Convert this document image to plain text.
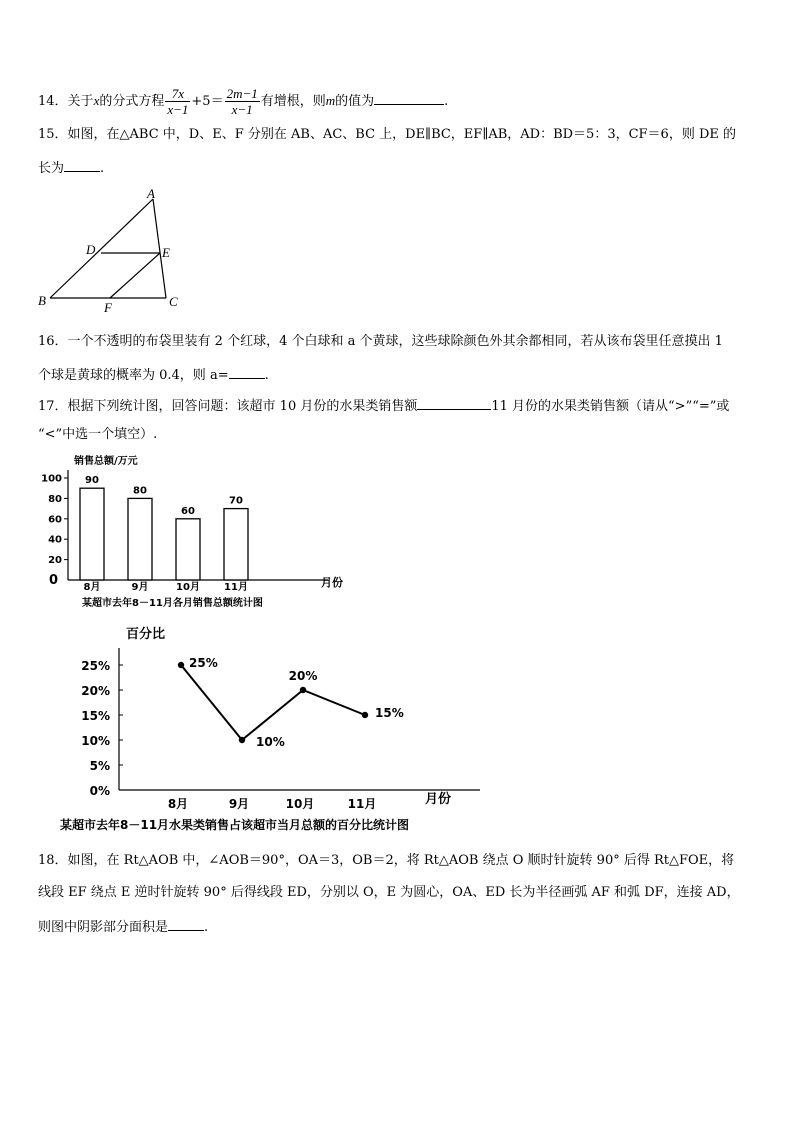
14．关于x的分式方程 $\frac{7x}{x-1} +5= \frac{2m-1}{x-1}$ 有增根，则m的值为	.
15．如图，在△ABC 中，D、E、F 分别在 AB、AC、BC 上，DE∥BC，EF∥AB，AD：BD＝5：3，CF＝6，则 DE 的
长为	.
A
B	C
D	E
F
16．一个不透明的布袋里装有 2 个红球，4 个白球和 a 个黄球，这些球除颜色外其余都相同，若从该布袋里任意摸出 1
个球是黄球的概率为 0.4，则 a=	.
17．根据下列统计图，回答问题：该超市 10 月份的水果类销售额	11 月份的水果类销售额（请从“>”“=”或
“<”中选一个填空）.
销售总额/万元
月份
某超市去年8－11月各月销售总额统计图
0
20
40
60
80
100 90
8月
80
9月
60
10月
70
11月
百分比
月份
某超市去年8－11月水果类销售占该超市当月总额的百分比统计图
0%
5%
10%
15%
20%
25%	25%
8月
10%
9月
20%
10月
15%
11月
18．如图，在 Rt△AOB 中，∠AOB＝90°，OA＝3，OB＝2，将 Rt△AOB 绕点 O 顺时针旋转 90° 后得 Rt△FOE，将
线段 EF 绕点 E 逆时针旋转 90° 后得线段 ED，分别以 O，E 为圆心，OA、ED 长为半径画弧 AF 和弧 DF，连接 AD，
则图中阴影部分面积是	.
